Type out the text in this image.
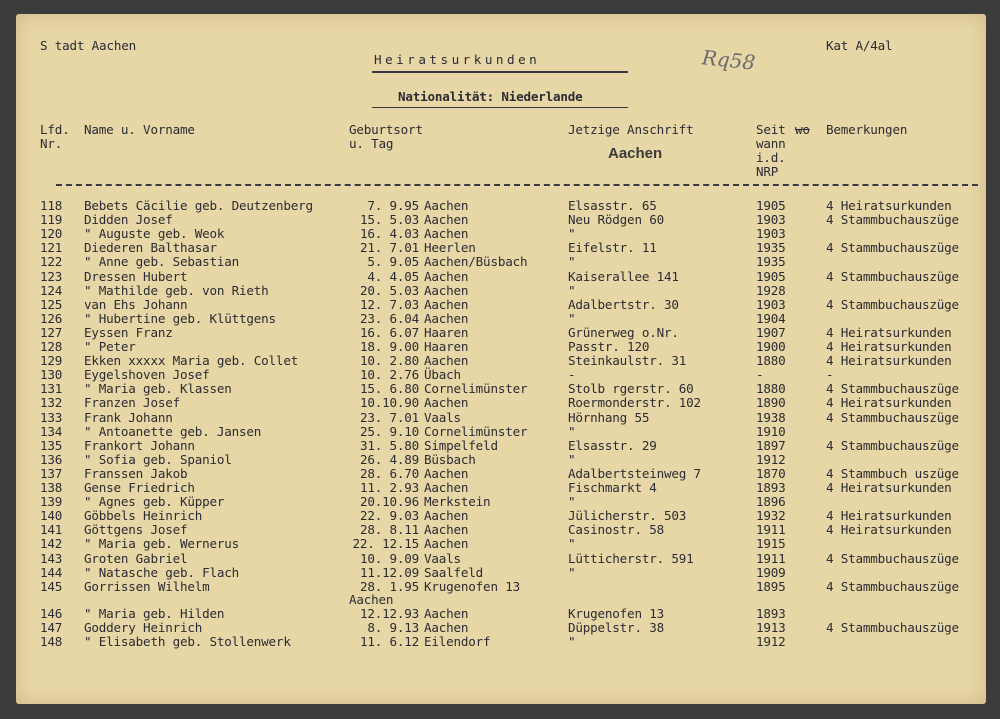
S tadt Aachen
Heiratsurkunden	Rq58	Kat A/4al
Nationalität: Niederlande
Lfd.
Nr.
Name u. Vorname	Geburtsort
u. Tag
Jetzige Anschrift
Aachen
Seit wo
wann
i.d.
NRP
Bemerkungen
118 Bebets Cäcilie geb. Deutzenberg	7. 9.95 Aachen	Elsasstr. 65	1905	4 Heiratsurkunden
119 Didden Josef	15. 5.03 Aachen	Neu Rödgen 60	1903	4 Stammbuchauszüge
120 " Auguste geb. Weok	16. 4.03 Aachen	"	1903
121 Diederen Balthasar	21. 7.01 Heerlen	Eifelstr. 11	1935	4 Stammbuchauszüge
122 " Anne geb. Sebastian	5. 9.05 Aachen/Büsbach	"	1935
123 Dressen Hubert	4. 4.05 Aachen	Kaiserallee 141	1905	4 Stammbuchauszüge
124 " Mathilde geb. von Rieth	20. 5.03 Aachen	"	1928
125 van Ehs Johann	12. 7.03 Aachen	Adalbertstr. 30	1903	4 Stammbuchauszüge
126 " Hubertine geb. Klüttgens	23. 6.04 Aachen	"	1904
127 Eyssen Franz	16. 6.07 Haaren	Grünerweg o.Nr.	1907	4 Heiratsurkunden
128 " Peter	18. 9.00 Haaren	Passtr. 120	1900	4 Heiratsurkunden
129 Ekken xxxxx Maria geb. Collet	10. 2.80 Aachen	Steinkaulstr. 31	1880	4 Heiratsurkunden
130 Eygelshoven Josef	10. 2.76 Übach	-	-	-
131 " Maria geb. Klassen	15. 6.80 Cornelimünster	Stolb rgerstr. 60	1880	4 Stammbuchauszüge
132 Franzen Josef	10.10.90 Aachen	Roermonderstr. 102	1890	4 Heiratsurkunden
133 Frank Johann	23. 7.01 Vaals	Hörnhang 55	1938	4 Stammbuchauszüge
134 " Antoanette geb. Jansen	25. 9.10 Cornelimünster	"	1910
135 Frankort Johann	31. 5.80 Simpelfeld	Elsasstr. 29	1897	4 Stammbuchauszüge
136 " Sofia geb. Spaniol	26. 4.89 Büsbach	"	1912
137 Franssen Jakob	28. 6.70 Aachen	Adalbertsteinweg 7	1870	4 Stammbuch uszüge
138 Gense Friedrich	11. 2.93 Aachen	Fischmarkt 4	1893	4 Heiratsurkunden
139 " Agnes geb. Küpper	20.10.96 Merkstein	"	1896
140 Göbbels Heinrich	22. 9.03 Aachen	Jülicherstr. 503	1932	4 Heiratsurkunden
141 Göttgens Josef	28. 8.11 Aachen	Casinostr. 58	1911	4 Heiratsurkunden
142 " Maria geb. Wernerus	22. 12.15 Aachen	"	1915
143 Groten Gabriel	10. 9.09 Vaals	Lütticherstr. 591	1911	4 Stammbuchauszüge
144 " Natasche geb. Flach	11.12.09 Saalfeld	"	1909
145 Gorrissen Wilhelm	28. 1.95 Krugenofen 13	1895	4 Stammbuchauszüge
Aachen
146 " Maria geb. Hilden	12.12.93 Aachen	Krugenofen 13	1893
147 Goddery Heinrich	8. 9.13 Aachen	Düppelstr. 38	1913	4 Stammbuchauszüge
148 " Elisabeth geb. Stollenwerk	11. 6.12 Eilendorf	"	1912
